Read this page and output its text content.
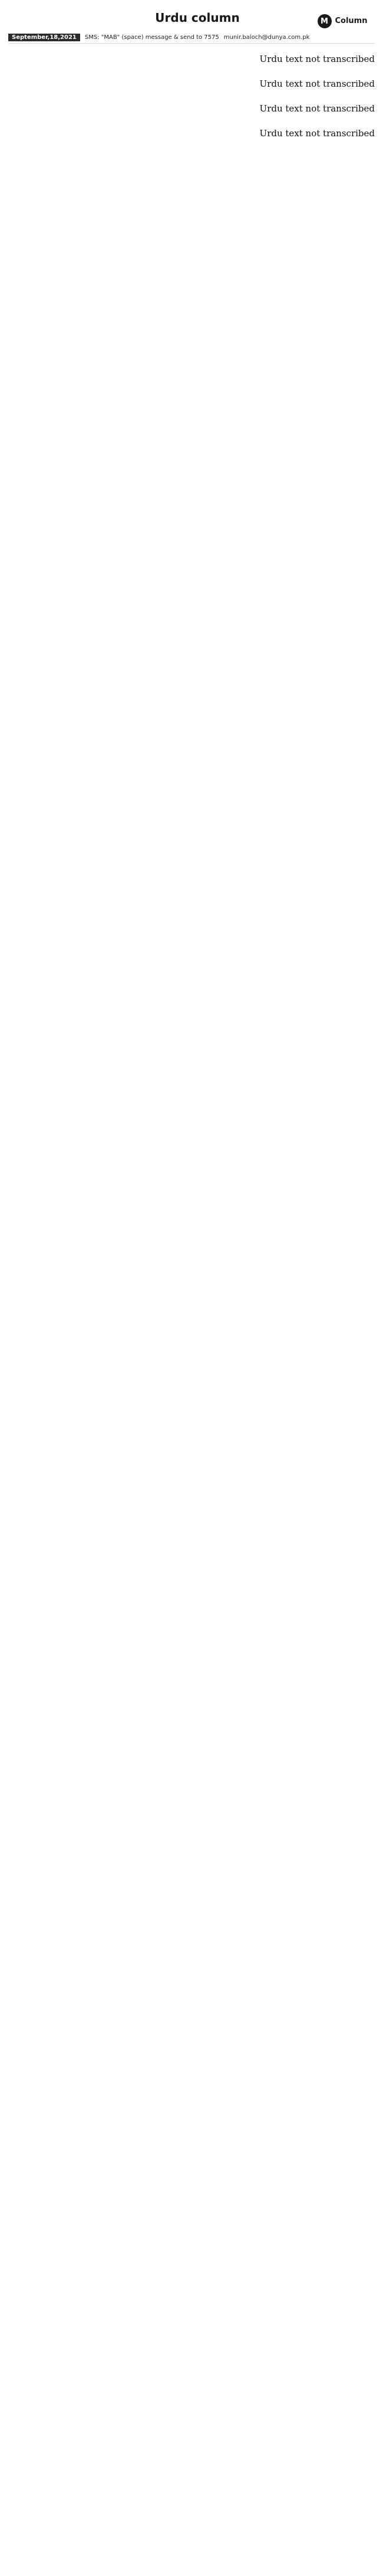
M Column
Urdu column
September,18,2021	SMS: "MAB" (space) message & send to 7575 munir.baloch@dunya.com.pk

Urdu text not transcribed

Urdu text not transcribed

Urdu text not transcribed

Urdu text not transcribed
